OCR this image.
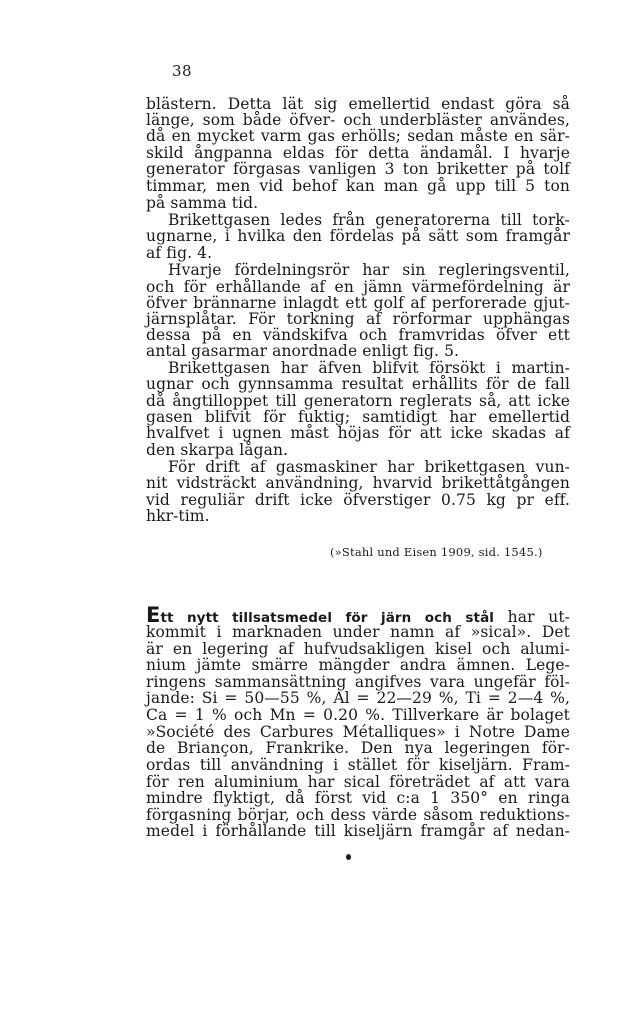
38
blästern. Detta lät sig emellertid endast göra så
länge, som både öfver- och underbläster användes,
då en mycket varm gas erhölls; sedan måste en sär-
skild ångpanna eldas för detta ändamål. I hvarje
generator förgasas vanligen 3 ton briketter på tolf
timmar, men vid behof kan man gå upp till 5 ton
på samma tid.
Brikettgasen ledes från generatorerna till tork-
ugnarne, i hvilka den fördelas på sätt som framgår
af fig. 4.
Hvarje fördelningsrör har sin regleringsventil,
och för erhållande af en jämn värmefördelning är
öfver brännarne inlagdt ett golf af perforerade gjut-
järnsplåtar. För torkning af rörformar upphängas
dessa på en vändskifva och framvridas öfver ett
antal gasarmar anordnade enligt fig. 5.
Brikettgasen har äfven blifvit försökt i martin-
ugnar och gynnsamma resultat erhållits för de fall
då ångtilloppet till generatorn reglerats så, att icke
gasen blifvit för fuktig; samtidigt har emellertid
hvalfvet i ugnen måst höjas för att icke skadas af
den skarpa lågan.
För drift af gasmaskiner har brikettgasen vun-
nit vidsträckt användning, hvarvid brikettåtgången
vid reguliär drift icke öfverstiger 0.75 kg pr eff.
hkr-tim.
(»Stahl und Eisen 1909, sid. 1545.)
Ett nytt tillsatsmedel för järn och stål har ut-
kommit i marknaden under namn af »sical». Det
är en legering af hufvudsakligen kisel och alumi-
nium jämte smärre mängder andra ämnen. Lege-
ringens sammansättning angifves vara ungefär föl-
jande: Si = 50—55 %, Al = 22—29 %, Ti = 2—4 %,
Ca = 1 % och Mn = 0.20 %. Tillverkare är bolaget
»Société des Carbures Métalliques» i Notre Dame
de Briançon, Frankrike. Den nya legeringen för-
ordas till användning i stället för kiseljärn. Fram-
för ren aluminium har sical företrädet af att vara
mindre flyktigt, då först vid c:a 1 350° en ringa
förgasning börjar, och dess värde såsom reduktions-
medel i förhållande till kiseljärn framgår af nedan-
